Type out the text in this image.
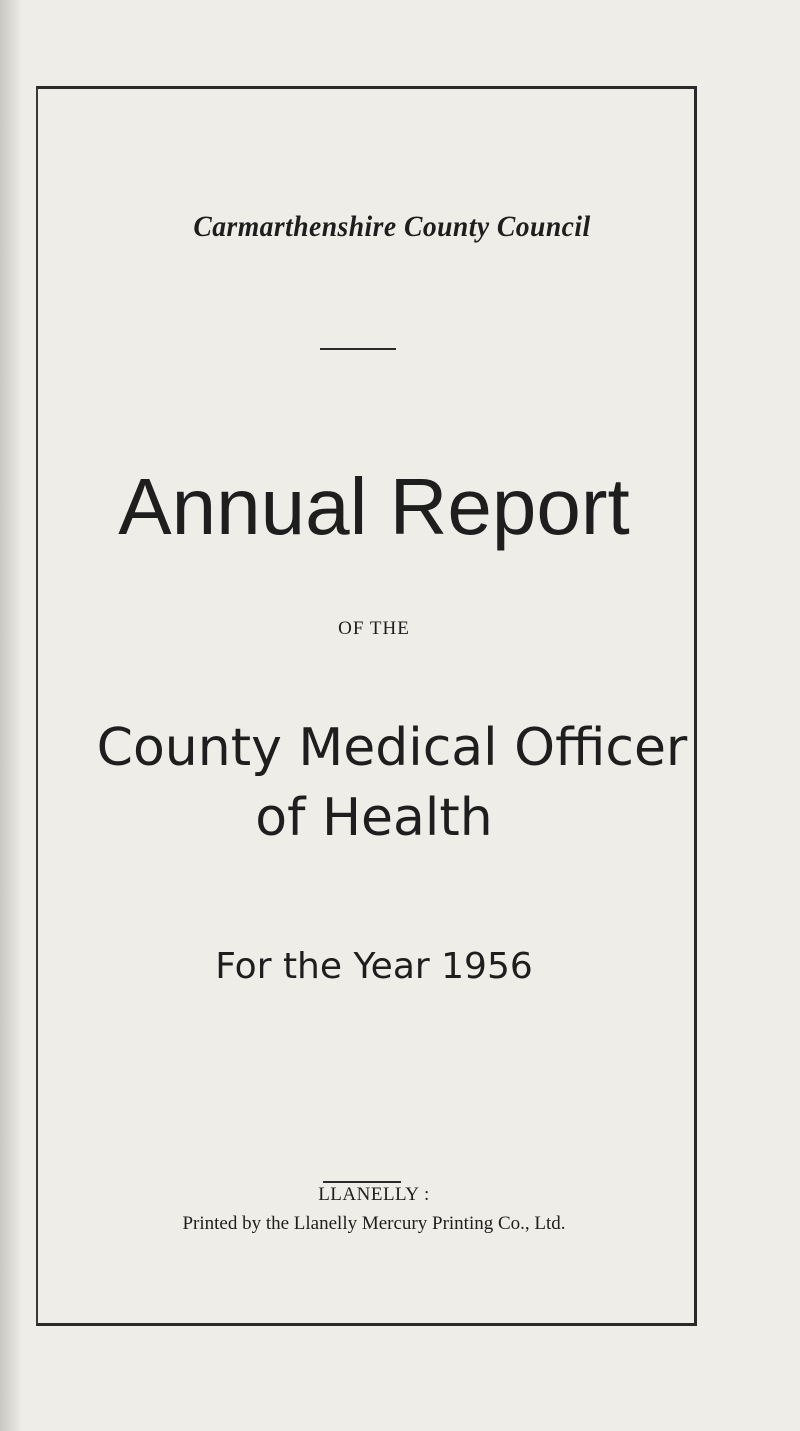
Carmarthenshire County Council
Annual Report
OF THE
County Medical Officer
of Health
For the Year 1956
LLANELLY :
Printed by the Llanelly Mercury Printing Co., Ltd.
